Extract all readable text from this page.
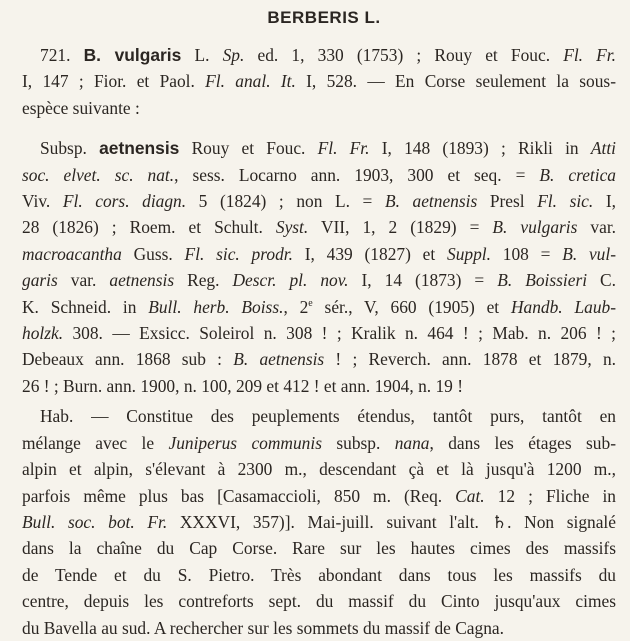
BERBERIS L.
721. B. vulgaris L. Sp. ed. 1, 330 (1753) ; Rouy et Fouc. Fl. Fr.
I, 147 ; Fior. et Paol. Fl. anal. It. I, 528. — En Corse seulement la sous-
espèce suivante :
Subsp. aetnensis Rouy et Fouc. Fl. Fr. I, 148 (1893) ; Rikli in Atti
soc. elvet. sc. nat., sess. Locarno ann. 1903, 300 et seq. = B. cretica
Viv. Fl. cors. diagn. 5 (1824) ; non L. = B. aetnensis Presl Fl. sic. I,
28 (1826) ; Roem. et Schult. Syst. VII, 1, 2 (1829) = B. vulgaris var.
macroacantha Guss. Fl. sic. prodr. I, 439 (1827) et Suppl. 108 = B. vul-
garis var. aetnensis Reg. Descr. pl. nov. I, 14 (1873) = B. Boissieri C.
K. Schneid. in Bull. herb. Boiss., 2e sér., V, 660 (1905) et Handb. Laub-
holzk. 308. — Exsicc. Soleirol n. 308 ! ; Kralik n. 464 ! ; Mab. n. 206 ! ;
Debeaux ann. 1868 sub : B. aetnensis ! ; Reverch. ann. 1878 et 1879, n.
26 ! ; Burn. ann. 1900, n. 100, 209 et 412 ! et ann. 1904, n. 19 !
Hab. — Constitue des peuplements étendus, tantôt purs, tantôt en
mélange avec le Juniperus communis subsp. nana, dans les étages sub-
alpin et alpin, s'élevant à 2300 m., descendant çà et là jusqu'à 1200 m.,
parfois même plus bas [Casamaccioli, 850 m. (Req. Cat. 12 ; Fliche in
Bull. soc. bot. Fr. XXXVI, 357)]. Mai-juill. suivant l'alt. ♄. Non signalé
dans la chaîne du Cap Corse. Rare sur les hautes cimes des massifs
de Tende et du S. Pietro. Très abondant dans tous les massifs du
centre, depuis les contreforts sept. du massif du Cinto jusqu'aux cimes
du Bavella au sud. A rechercher sur les sommets du massif de Cagna.
